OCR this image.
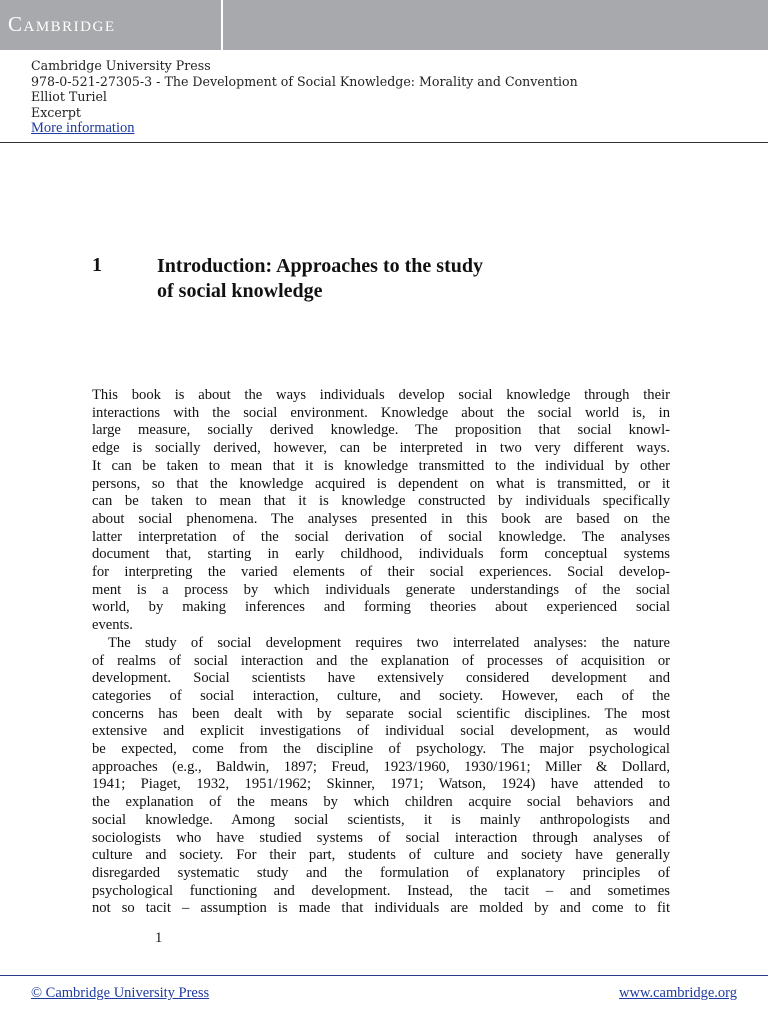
Cambridge
Cambridge University Press
978-0-521-27305-3 - The Development of Social Knowledge: Morality and Convention
Elliot Turiel
Excerpt
More information
1	Introduction: Approaches to the study
of social knowledge
This book is about the ways individuals develop social knowledge through their
interactions with the social environment. Knowledge about the social world is, in
large measure, socially derived knowledge. The proposition that social knowl-
edge is socially derived, however, can be interpreted in two very different ways.
It can be taken to mean that it is knowledge transmitted to the individual by other
persons, so that the knowledge acquired is dependent on what is transmitted, or it
can be taken to mean that it is knowledge constructed by individuals specifically
about social phenomena. The analyses presented in this book are based on the
latter interpretation of the social derivation of social knowledge. The analyses
document that, starting in early childhood, individuals form conceptual systems
for interpreting the varied elements of their social experiences. Social develop-
ment is a process by which individuals generate understandings of the social
world, by making inferences and forming theories about experienced social
events.
The study of social development requires two interrelated analyses: the nature
of realms of social interaction and the explanation of processes of acquisition or
development. Social scientists have extensively considered development and
categories of social interaction, culture, and society. However, each of the
concerns has been dealt with by separate social scientific disciplines. The most
extensive and explicit investigations of individual social development, as would
be expected, come from the discipline of psychology. The major psychological
approaches (e.g., Baldwin, 1897; Freud, 1923/1960, 1930/1961; Miller & Dollard,
1941; Piaget, 1932, 1951/1962; Skinner, 1971; Watson, 1924) have attended to
the explanation of the means by which children acquire social behaviors and
social knowledge. Among social scientists, it is mainly anthropologists and
sociologists who have studied systems of social interaction through analyses of
culture and society. For their part, students of culture and society have generally
disregarded systematic study and the formulation of explanatory principles of
psychological functioning and development. Instead, the tacit – and sometimes
not so tacit – assumption is made that individuals are molded by and come to fit
1
© Cambridge University Press	www.cambridge.org
